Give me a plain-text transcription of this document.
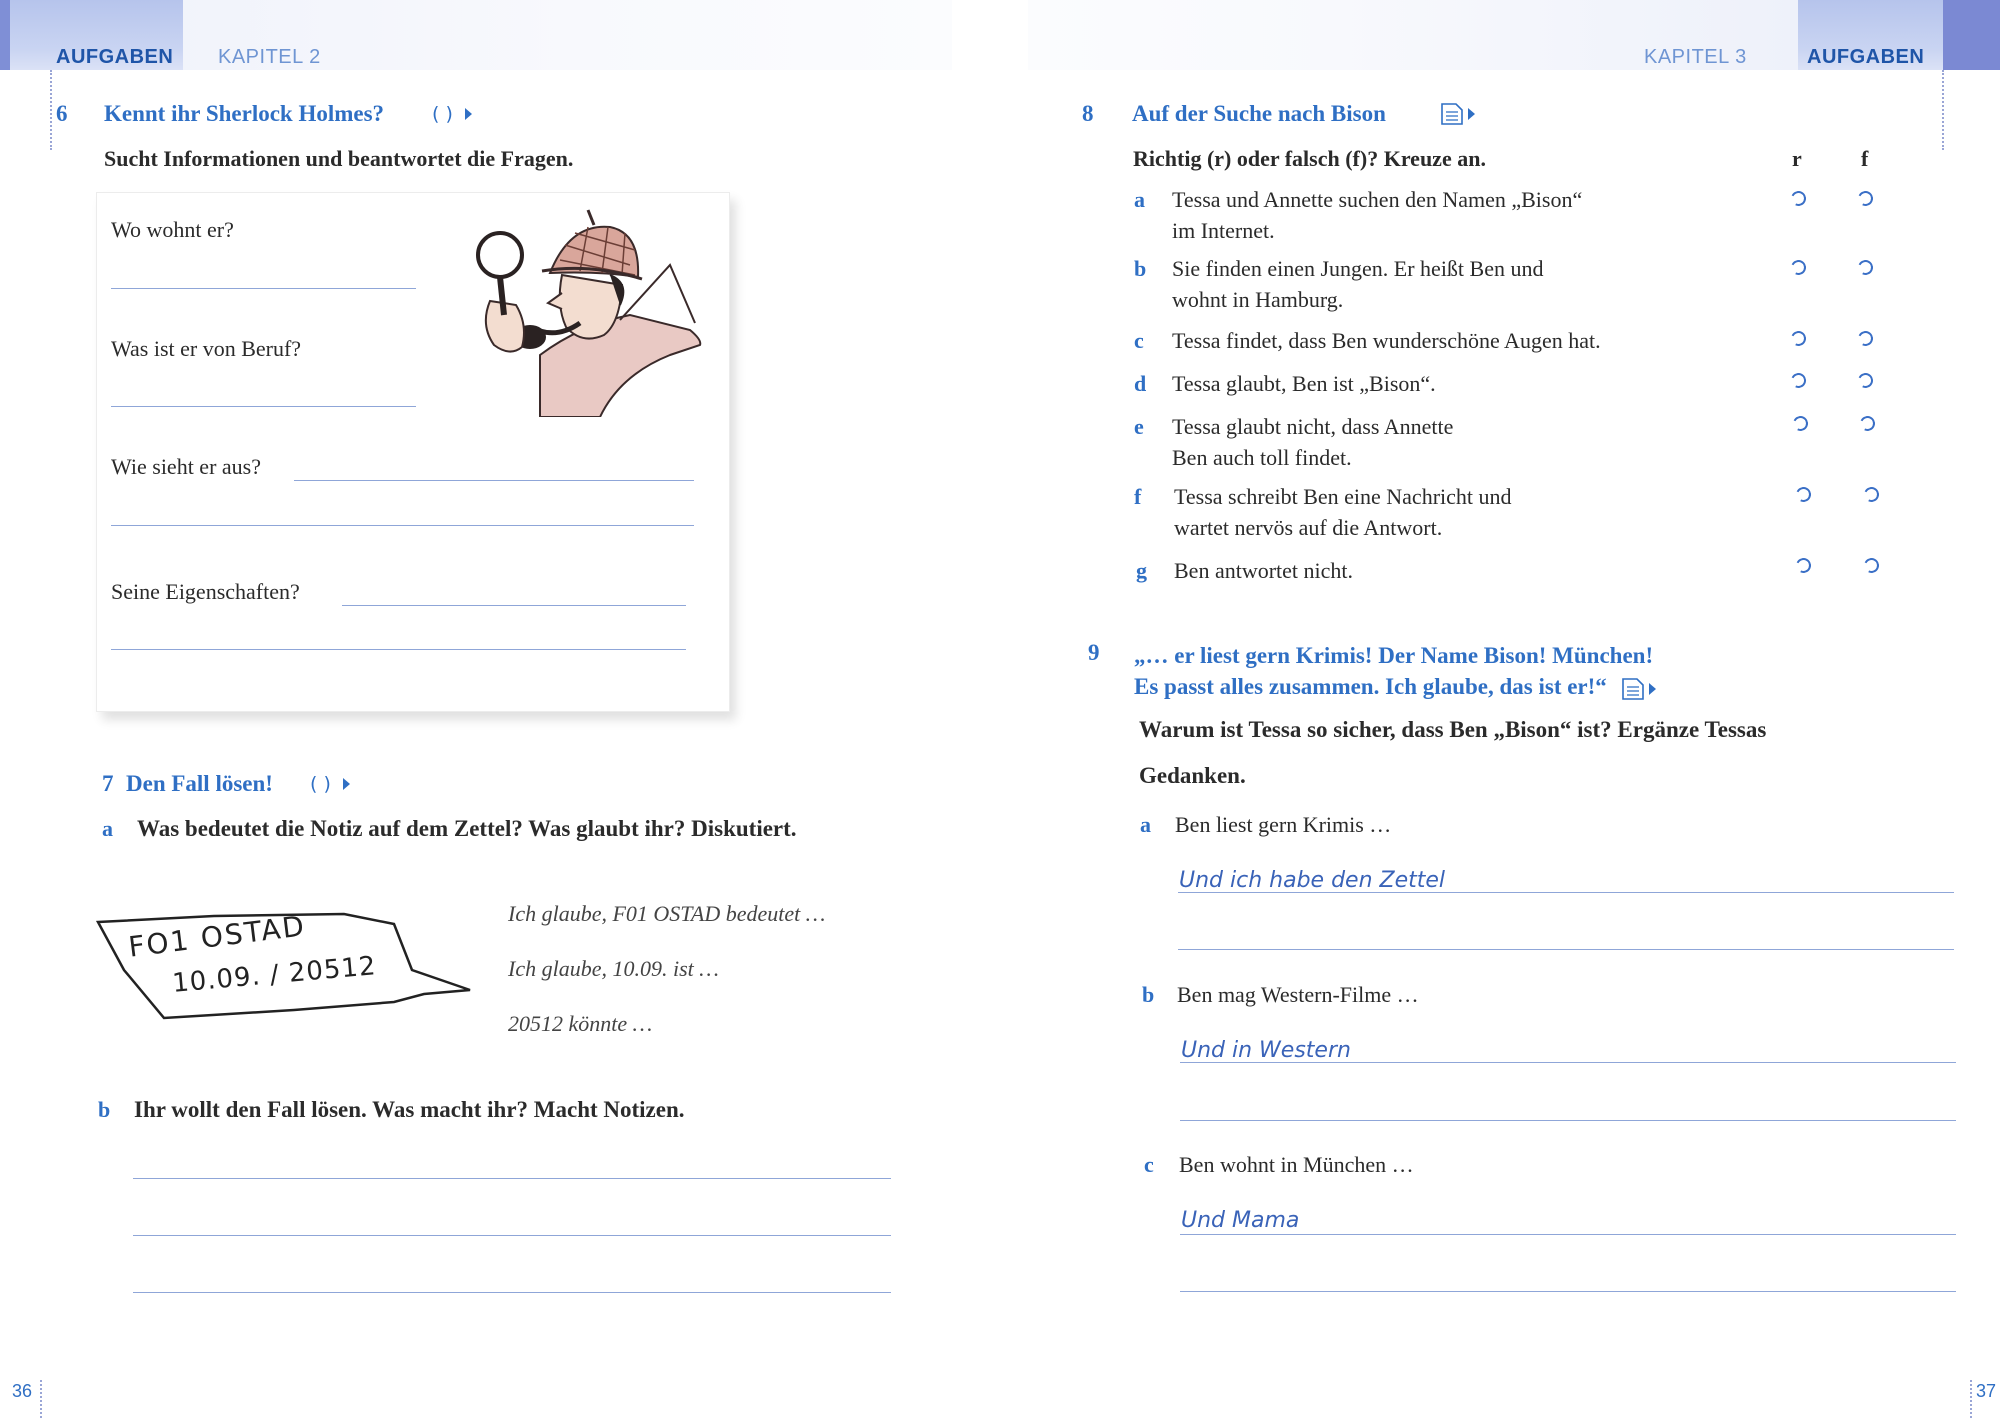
AUFGABEN KAPITEL 2	KAPITEL 3	AUFGABEN
6 Kennt ihr Sherlock Holmes?	( )
Sucht Informationen und beantwortet die Fragen.
Wo wohnt er?
Was ist er von Beruf?
Wie sieht er aus?
Seine Eigenschaften?
7 Den Fall lösen! ( )
a Was bedeutet die Notiz auf dem Zettel? Was glaubt ihr? Diskutiert.
FO1 OSTAD
10.09. / 20512
Ich glaube, F01 OSTAD bedeutet …
Ich glaube, 10.09. ist …
20512 könnte …
b Ihr wollt den Fall lösen. Was macht ihr? Macht Notizen.
36
8 Auf der Suche nach Bison
Richtig (r) oder falsch (f)? Kreuze an.	r	f
a Tessa und Annette suchen den Namen „Bison“
im Internet.
b Sie finden einen Jungen. Er heißt Ben und
wohnt in Hamburg.
c Tessa findet, dass Ben wunderschöne Augen hat.
d Tessa glaubt, Ben ist „Bison“.
e Tessa glaubt nicht, dass Annette
Ben auch toll findet.
f Tessa schreibt Ben eine Nachricht und
wartet nervös auf die Antwort.
g Ben antwortet nicht.
9 „… er liest gern Krimis! Der Name Bison! München!
Es passt alles zusammen. Ich glaube, das ist er!“
Warum ist Tessa so sicher, dass Ben „Bison“ ist? Ergänze Tessas
Gedanken.
a Ben liest gern Krimis …
Und ich habe den Zettel
b Ben mag Western-Filme …
Und in Western
c Ben wohnt in München …
Und Mama
37
